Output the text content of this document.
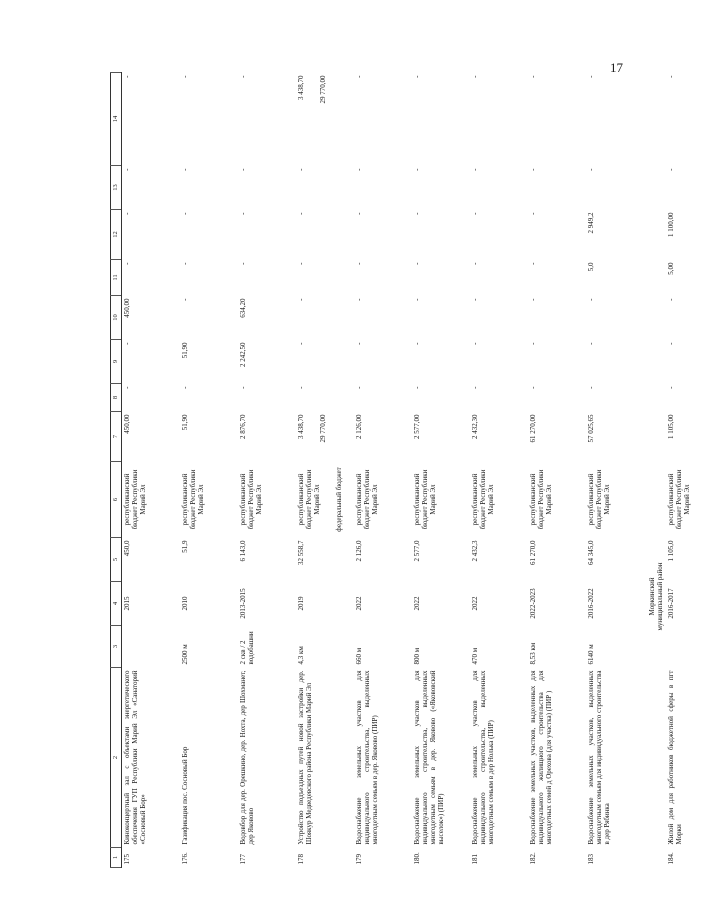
17
1	2	3	4	5	6	7	8	9	10	11	12	13	14
175	Киноконцертный зал с объектами энергетического обеспечения ГУП Республики Марий Эл «Санаторий «Сосновый Бор»		2015	450,0	республиканский бюджет Республики Марий Эл	450,00	-	-	450,00	-	-	-	-
176.	Газификация пос. Сосновый Бор	2500 м	2010	51,9	республиканский бюджет Республики Марий Эл	51,90	-	51,90	-	-	-	-	-
177	Водовбор для дер. Орешкино, дер. Нохта, дер Шохманет, дер Яковово	2 скв / 2 водобашни	2013-2015	6 143,0	республиканский бюджет Республики Марий Эл	2 876,70	-	2 242,50	634,20	-	-	-	-
178	Устройство подъездных путей новой застройки дер. Шоякур Медведевского района Республики Марий Эл	4,3 км	2019	32 558,7	республиканский бюджет Республики Марий Эл федеральный бюджет	3 438,70 29 770,00	-	-	-	-	-	-	3 438,70 29 770,00

179	Водоснабжение земельных участков для индивидуального строительства, выделенных многодетным семьям в дер. Яковово (ПИР)	660 м	2022	2 126,0	республиканский бюджет Республики Марий Эл	2 126,00	-	-	-	-	-	-	-
180.	Водоснабжение земельных участков для индивидуального строительства, выделенных многодетным семьям в дер. Яковово («Якововский выселок») (ПИР)	800 м	2022	2 577,0	республиканский бюджет Республики Марий Эл	2 577,00	-	-	-	-	-	-	-
181	Водоснабжение земельных участков для индивидуального строительства, выделенных многодетным семьям в дер Нолька (ПИР)	470 м	2022	2 432,3	республиканский бюджет Республики Марий Эл	2 432,30	-	-	-	-	-	-	-
182.	Водоснабжение земельных участков, выделенных для индивидуального жилищного строительства для многодетных семей д Орехова (для участка) (ПИР )	8,53 км	2022-2023	61 270,0	республиканский бюджет Республики Марий Эл	61 270,00	-	-	-	-	-	-	-
183	Водоснабжение земельных участков, выделенных многодетным семьям для индивидуального строительства в дер Рябинка	6140 м	2016-2022	64 345,0	республиканский бюджет Республики Марий Эл	57 025,65	-	-	-	5,0	2 949,2	-	-
Моркинский муниципальный район													
184.	Жилой дом для работников бюджетной сферы в пгт Морки		2016-2017	1 105,0	республиканский бюджет Республики Марий Эл	1 105,00	-	-	-	5,00	1 100,00	-	-
